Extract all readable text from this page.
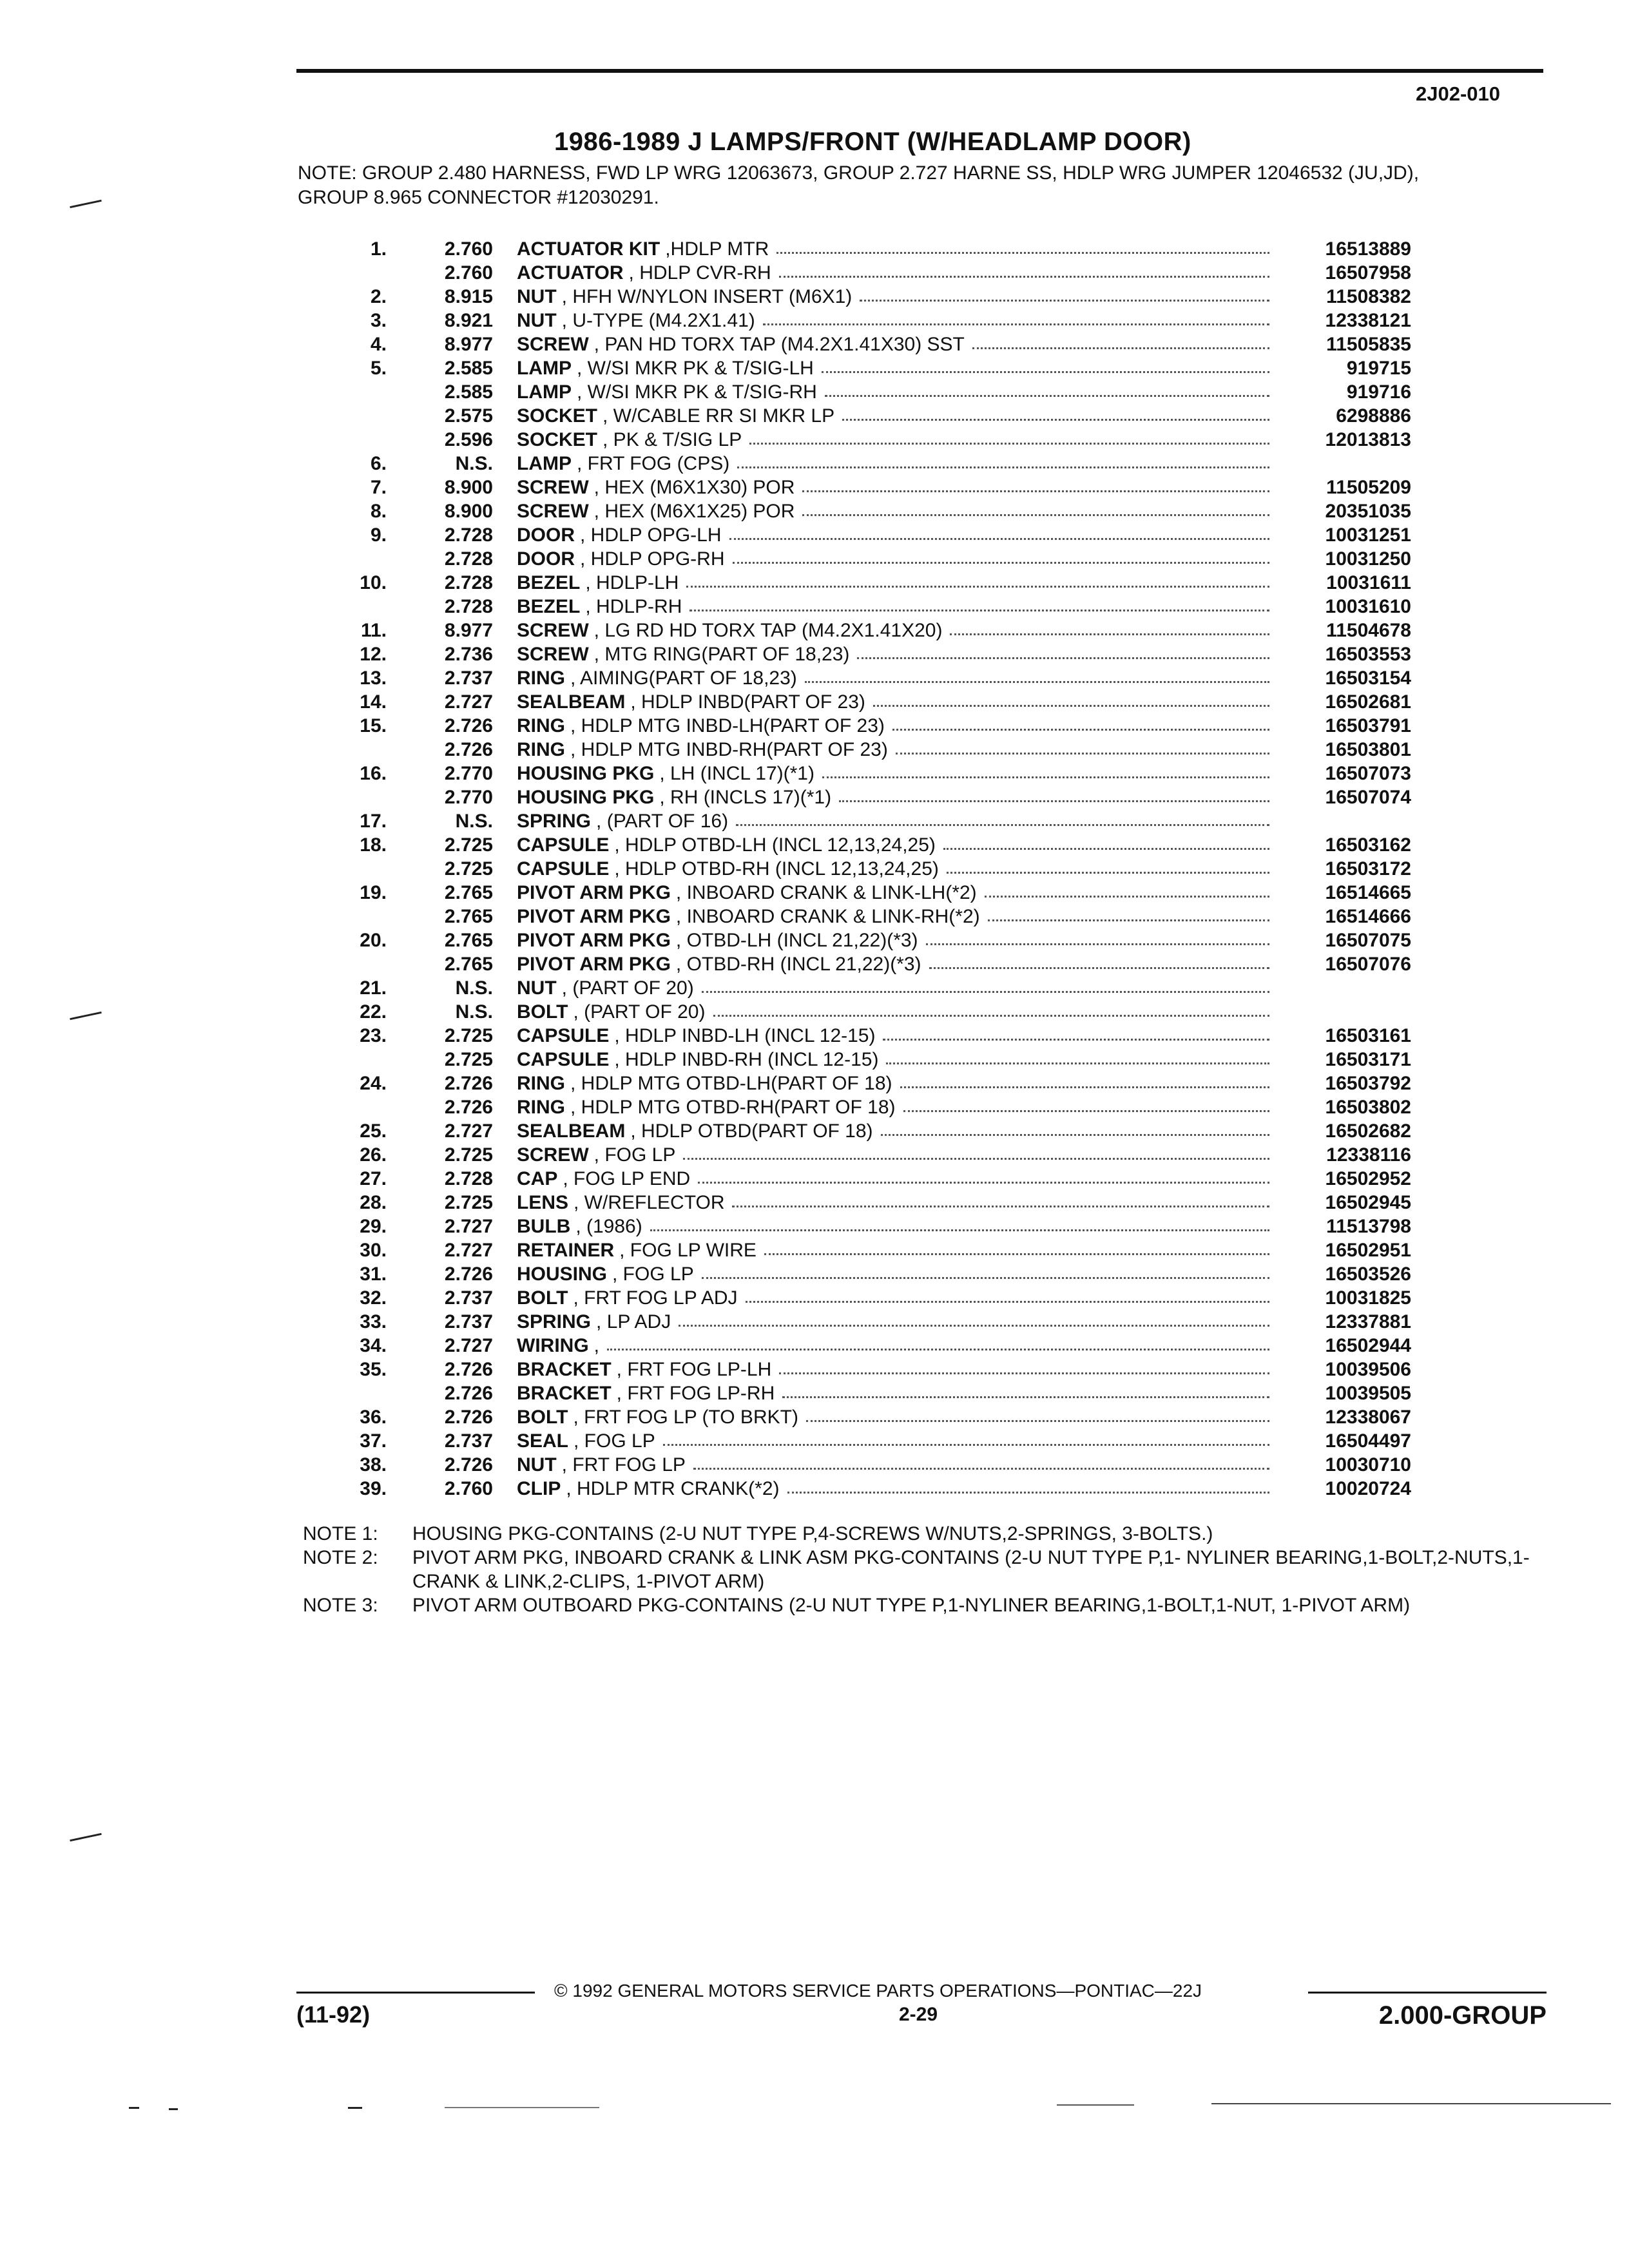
2J02-010
1986-1989 J LAMPS/FRONT (W/HEADLAMP DOOR)
NOTE: GROUP 2.480 HARNESS, FWD LP WRG 12063673, GROUP 2.727 HARNE SS, HDLP WRG JUMPER 12046532 (JU,JD), GROUP 8.965 CONNECTOR #12030291.
1.	2.760 ACTUATOR KIT ,HDLP MTR	16513889
2.760 ACTUATOR , HDLP CVR-RH	16507958
2.	8.915 NUT , HFH W/NYLON INSERT (M6X1)	11508382
3.	8.921 NUT , U-TYPE (M4.2X1.41)	12338121
4.	8.977 SCREW , PAN HD TORX TAP (M4.2X1.41X30) SST	11505835
5.	2.585 LAMP , W/SI MKR PK & T/SIG-LH	919715
2.585 LAMP , W/SI MKR PK & T/SIG-RH	919716
2.575 SOCKET , W/CABLE RR SI MKR LP	6298886
2.596 SOCKET , PK & T/SIG LP	12013813
6.	N.S. LAMP , FRT FOG (CPS)
7.	8.900 SCREW , HEX (M6X1X30) POR	11505209
8.	8.900 SCREW , HEX (M6X1X25) POR	20351035
9.	2.728 DOOR , HDLP OPG-LH	10031251
2.728 DOOR , HDLP OPG-RH	10031250
10.	2.728 BEZEL , HDLP-LH	10031611
2.728 BEZEL , HDLP-RH	10031610
11.	8.977 SCREW , LG RD HD TORX TAP (M4.2X1.41X20)	11504678
12.	2.736 SCREW , MTG RING(PART OF 18,23)	16503553
13.	2.737 RING , AIMING(PART OF 18,23)	16503154
14.	2.727 SEALBEAM , HDLP INBD(PART OF 23)	16502681
15.	2.726 RING , HDLP MTG INBD-LH(PART OF 23)	16503791
2.726 RING , HDLP MTG INBD-RH(PART OF 23)	16503801
16.	2.770 HOUSING PKG , LH (INCL 17)(*1)	16507073
2.770 HOUSING PKG , RH (INCLS 17)(*1)	16507074
17.	N.S. SPRING , (PART OF 16)
18.	2.725 CAPSULE , HDLP OTBD-LH (INCL 12,13,24,25)	16503162
2.725 CAPSULE , HDLP OTBD-RH (INCL 12,13,24,25)	16503172
19.	2.765 PIVOT ARM PKG , INBOARD CRANK & LINK-LH(*2)	16514665
2.765 PIVOT ARM PKG , INBOARD CRANK & LINK-RH(*2)	16514666
20.	2.765 PIVOT ARM PKG , OTBD-LH (INCL 21,22)(*3)	16507075
2.765 PIVOT ARM PKG , OTBD-RH (INCL 21,22)(*3)	16507076
21.	N.S. NUT , (PART OF 20)
22.	N.S. BOLT , (PART OF 20)
23.	2.725 CAPSULE , HDLP INBD-LH (INCL 12-15)	16503161
2.725 CAPSULE , HDLP INBD-RH (INCL 12-15)	16503171
24.	2.726 RING , HDLP MTG OTBD-LH(PART OF 18)	16503792
2.726 RING , HDLP MTG OTBD-RH(PART OF 18)	16503802
25.	2.727 SEALBEAM , HDLP OTBD(PART OF 18)	16502682
26.	2.725 SCREW , FOG LP	12338116
27.	2.728 CAP , FOG LP END	16502952
28.	2.725 LENS , W/REFLECTOR	16502945
29.	2.727 BULB , (1986)	11513798
30.	2.727 RETAINER , FOG LP WIRE	16502951
31.	2.726 HOUSING , FOG LP	16503526
32.	2.737 BOLT , FRT FOG LP ADJ	10031825
33.	2.737 SPRING , LP ADJ	12337881
34.	2.727 WIRING ,	16502944
35.	2.726 BRACKET , FRT FOG LP-LH	10039506
2.726 BRACKET , FRT FOG LP-RH	10039505
36.	2.726 BOLT , FRT FOG LP (TO BRKT)	12338067
37.	2.737 SEAL , FOG LP	16504497
38.	2.726 NUT , FRT FOG LP	10030710
39.	2.760 CLIP , HDLP MTR CRANK(*2)	10020724
NOTE 1:	HOUSING PKG-CONTAINS (2-U NUT TYPE P,4-SCREWS W/NUTS,2-SPRINGS, 3-BOLTS.)
NOTE 2:	PIVOT ARM PKG, INBOARD CRANK & LINK ASM PKG-CONTAINS (2-U NUT TYPE P,1- NYLINER BEARING,1-BOLT,2-NUTS,1-CRANK & LINK,2-CLIPS, 1-PIVOT ARM)
NOTE 3:	PIVOT ARM OUTBOARD PKG-CONTAINS (2-U NUT TYPE P,1-NYLINER BEARING,1-BOLT,1-NUT, 1-PIVOT ARM)
© 1992 GENERAL MOTORS SERVICE PARTS OPERATIONS—PONTIAC—22J
(11-92)	2-29	2.000-GROUP
